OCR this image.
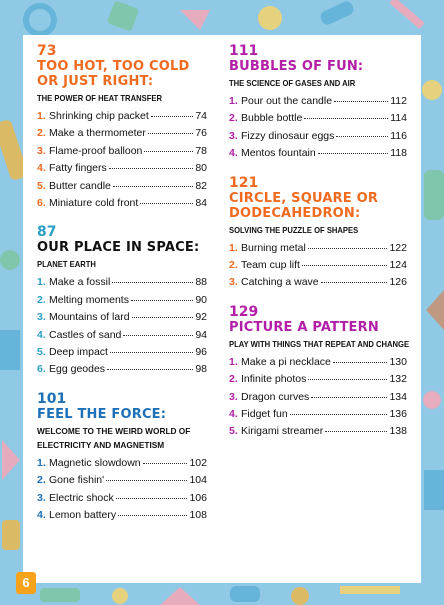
73
TOO HOT, TOO COLD OR JUST RIGHT:
THE POWER OF HEAT TRANSFER
1. Shrinking chip packet	74
2. Make a thermometer	76
3. Flame-proof balloon	78
4. Fatty fingers	80
5. Butter candle	82
6. Miniature cold front	84
87
OUR PLACE IN SPACE:
PLANET EARTH
1. Make a fossil	88
2. Melting moments	90
3. Mountains of lard	92
4. Castles of sand	94
5. Deep impact	96
6. Egg geodes	98
101
FEEL THE FORCE:
WELCOME TO THE WEIRD WORLD OF ELECTRICITY AND MAGNETISM
1. Magnetic slowdown	102
2. Gone fishin'	104
3. Electric shock	106
4. Lemon battery	108
111
BUBBLES OF FUN:
THE SCIENCE OF GASES AND AIR
1. Pour out the candle	112
2. Bubble bottle	114
3. Fizzy dinosaur eggs	116
4. Mentos fountain	118
121
CIRCLE, SQUARE OR DODECAHEDRON:
SOLVING THE PUZZLE OF SHAPES
1. Burning metal	122
2. Team cup lift	124
3. Catching a wave	126
129
PICTURE A PATTERN
PLAY WITH THINGS THAT REPEAT AND CHANGE
1. Make a pi necklace	130
2. Infinite photos	132
3. Dragon curves	134
4. Fidget fun	136
5. Kirigami streamer	138
6
